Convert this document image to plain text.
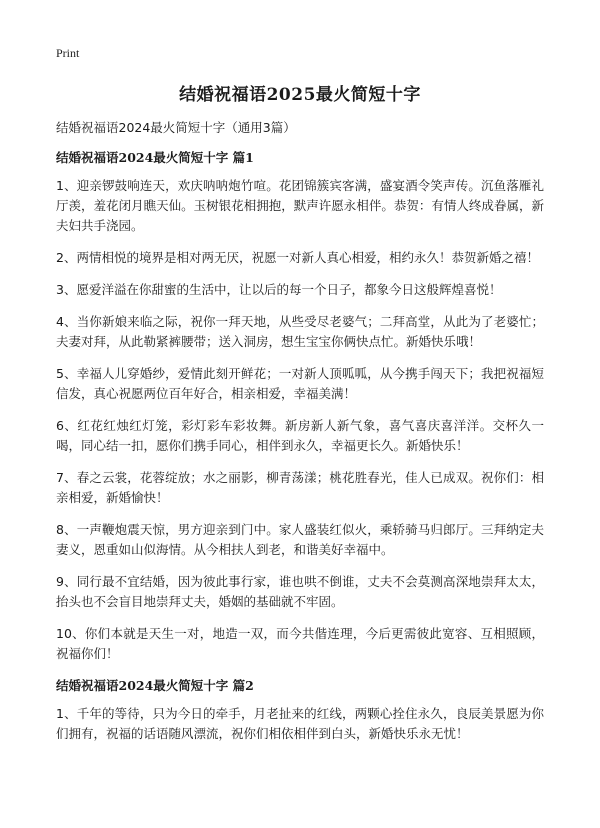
Print
结婚祝福语2025最火简短十字
结婚祝福语2024最火简短十字（通用3篇）
结婚祝福语2024最火简短十字 篇1

1、迎亲锣鼓响连天，欢庆呐呐炮竹喧。花团锦簇宾客满，盛宴酒令笑声传。沉鱼落雁礼厅羡，羞花闭月瞧天仙。玉树银花相拥抱，默声许愿永相伴。恭贺：有情人终成眷属，新夫妇共手浇园。

2、两情相悦的境界是相对两无厌，祝愿一对新人真心相爱，相约永久！恭贺新婚之禧！

3、愿爱洋溢在你甜蜜的生活中，让以后的每一个日子，都象今日这般辉煌喜悦！

4、当你新娘来临之际，祝你一拜天地，从些受尽老婆气；二拜高堂，从此为了老婆忙；夫妻对拜，从此勒紧裤腰带；送入洞房，想生宝宝你俩快点忙。新婚快乐哦！

5、幸福人儿穿婚纱，爱情此刻开鲜花；一对新人顶呱呱，从今携手闯天下；我把祝福短信发，真心祝愿两位百年好合，相亲相爱，幸福美满！

6、红花红烛红灯笼，彩灯彩车彩妆舞。新房新人新气象，喜气喜庆喜洋洋。交杯久一喝，同心结一扣，愿你们携手同心，相伴到永久，幸福更长久。新婚快乐！

7、春之云裳，花蓉绽放；水之丽影，柳青荡漾；桃花胜春光，佳人已成双。祝你们：相亲相爱，新婚愉快！

8、一声鞭炮震天惊，男方迎亲到门中。家人盛装红似火，乘轿骑马归郎厅。三拜纳定夫妻义，恩重如山似海情。从今相扶人到老，和谐美好幸福中。

9、同行最不宜结婚，因为彼此事行家，谁也哄不倒谁，丈夫不会莫测高深地崇拜太太，抬头也不会盲目地崇拜丈夫，婚姻的基础就不牢固。

10、你们本就是天生一对，地造一双，而今共偕连理，今后更需彼此宽容、互相照顾，祝福你们！

结婚祝福语2024最火简短十字 篇2

1、千年的等待，只为今日的牵手，月老扯来的红线，两颗心拴住永久，良辰美景愿为你们拥有，祝福的话语随风漂流，祝你们相依相伴到白头，新婚快乐永无忧！
